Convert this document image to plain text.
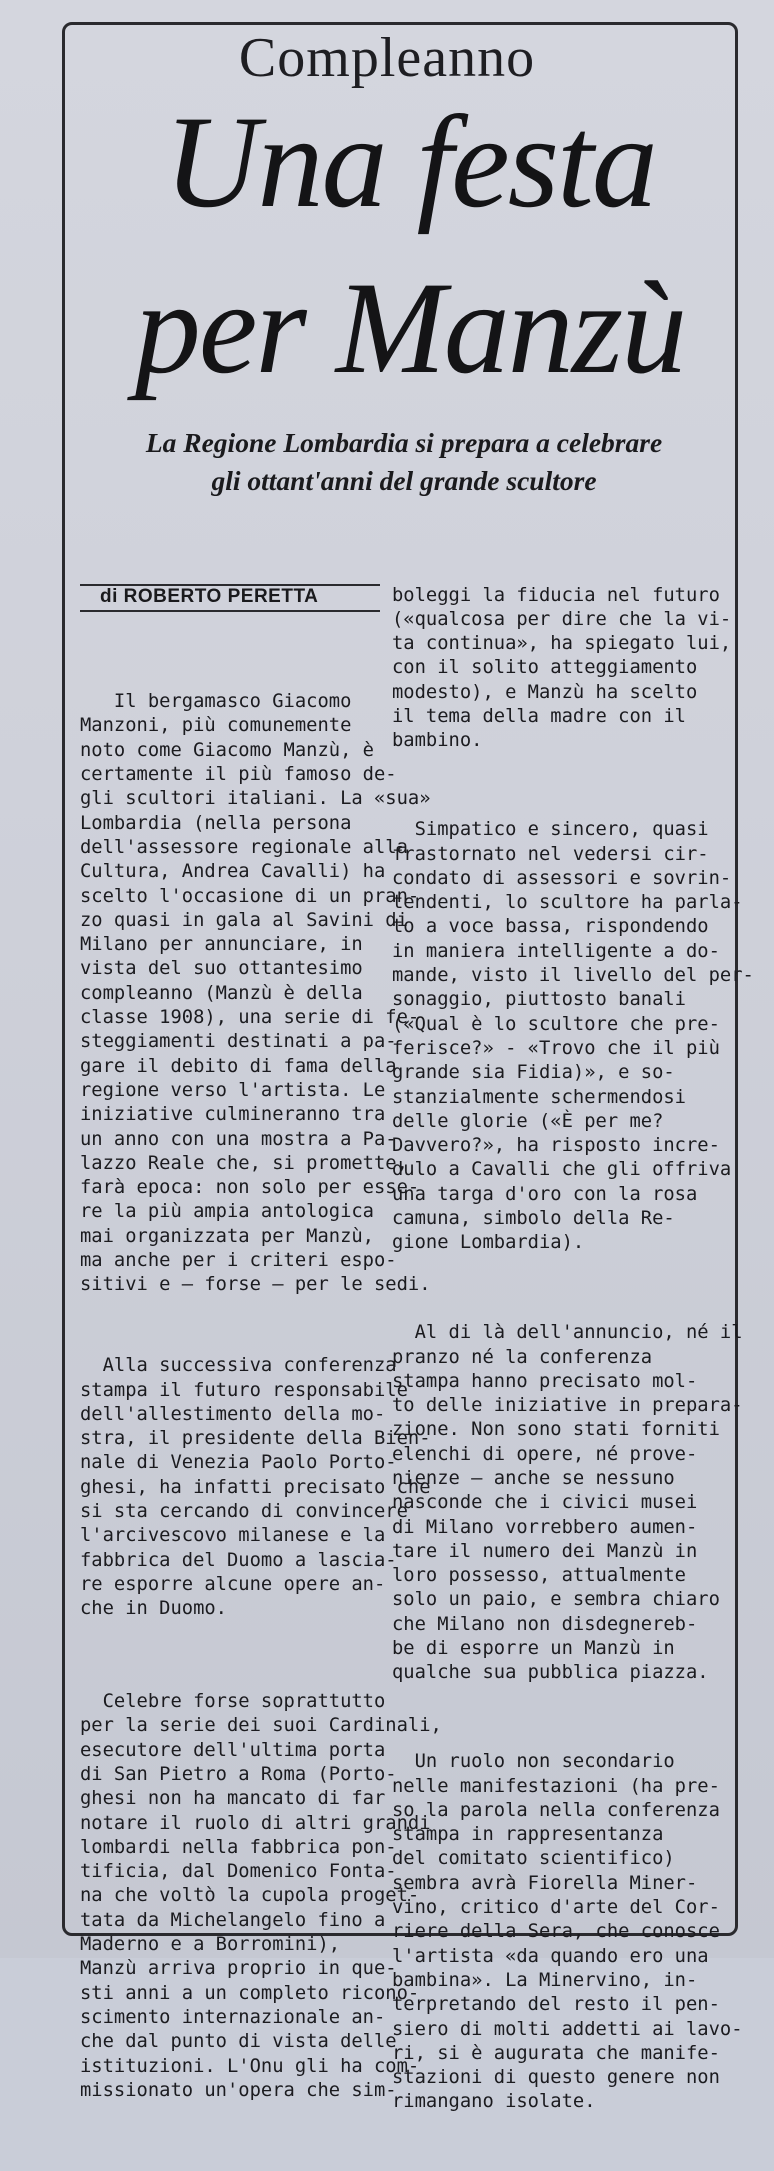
Compleanno
Una festa
per Manzù
La Regione Lombardia si prepara a celebrare
gli ottant'anni del grande scultore

di ROBERTO PERETTA

Il bergamasco Giacomo
Manzoni, più comunemente
noto come Giacomo Manzù, è
certamente il più famoso de-
gli scultori italiani. La «sua»
Lombardia (nella persona
dell'assessore regionale alla
Cultura, Andrea Cavalli) ha
scelto l'occasione di un pran-
zo quasi in gala al Savini di
Milano per annunciare, in
vista del suo ottantesimo
compleanno (Manzù è della
classe 1908), una serie di fe-
steggiamenti destinati a pa-
gare il debito di fama della
regione verso l'artista. Le
iniziative culmineranno tra
un anno con una mostra a Pa-
lazzo Reale che, si promette,
farà epoca: non solo per esse-
re la più ampia antologica
mai organizzata per Manzù,
ma anche per i criteri espo-
sitivi e — forse — per le sedi.

Alla successiva conferenza
stampa il futuro responsabile
dell'allestimento della mo-
stra, il presidente della Bien-
nale di Venezia Paolo Porto-
ghesi, ha infatti precisato che
si sta cercando di convincere
l'arcivescovo milanese e la
fabbrica del Duomo a lascia-
re esporre alcune opere an-
che in Duomo.

Celebre forse soprattutto
per la serie dei suoi Cardinali,
esecutore dell'ultima porta
di San Pietro a Roma (Porto-
ghesi non ha mancato di far
notare il ruolo di altri grandi
lombardi nella fabbrica pon-
tificia, dal Domenico Fonta-
na che voltò la cupola proget-
tata da Michelangelo fino a
Maderno e a Borromini),
Manzù arriva proprio in que-
sti anni a un completo ricono-
scimento internazionale an-
che dal punto di vista delle
istituzioni. L'Onu gli ha com-
missionato un'opera che sim-

boleggi la fiducia nel futuro
(«qualcosa per dire che la vi-
ta continua», ha spiegato lui,
con il solito atteggiamento
modesto), e Manzù ha scelto
il tema della madre con il
bambino.

Simpatico e sincero, quasi
frastornato nel vedersi cir-
condato di assessori e sovrin-
tendenti, lo scultore ha parla-
to a voce bassa, rispondendo
in maniera intelligente a do-
mande, visto il livello del per-
sonaggio, piuttosto banali
(«Qual è lo scultore che pre-
ferisce?» - «Trovo che il più
grande sia Fidia)», e so-
stanzialmente schermendosi
delle glorie («È per me?
Davvero?», ha risposto incre-
dulo a Cavalli che gli offriva
una targa d'oro con la rosa
camuna, simbolo della Re-
gione Lombardia).

Al di là dell'annuncio, né il
pranzo né la conferenza
stampa hanno precisato mol-
to delle iniziative in prepara-
zione. Non sono stati forniti
elenchi di opere, né prove-
nienze — anche se nessuno
nasconde che i civici musei
di Milano vorrebbero aumen-
tare il numero dei Manzù in
loro possesso, attualmente
solo un paio, e sembra chiaro
che Milano non disdegnereb-
be di esporre un Manzù in
qualche sua pubblica piazza.

Un ruolo non secondario
nelle manifestazioni (ha pre-
so la parola nella conferenza
stampa in rappresentanza
del comitato scientifico)
sembra avrà Fiorella Miner-
vino, critico d'arte del Cor-
riere della Sera, che conosce
l'artista «da quando ero una
bambina». La Minervino, in-
terpretando del resto il pen-
siero di molti addetti ai lavo-
ri, si è augurata che manife-
stazioni di questo genere non
rimangano isolate.
